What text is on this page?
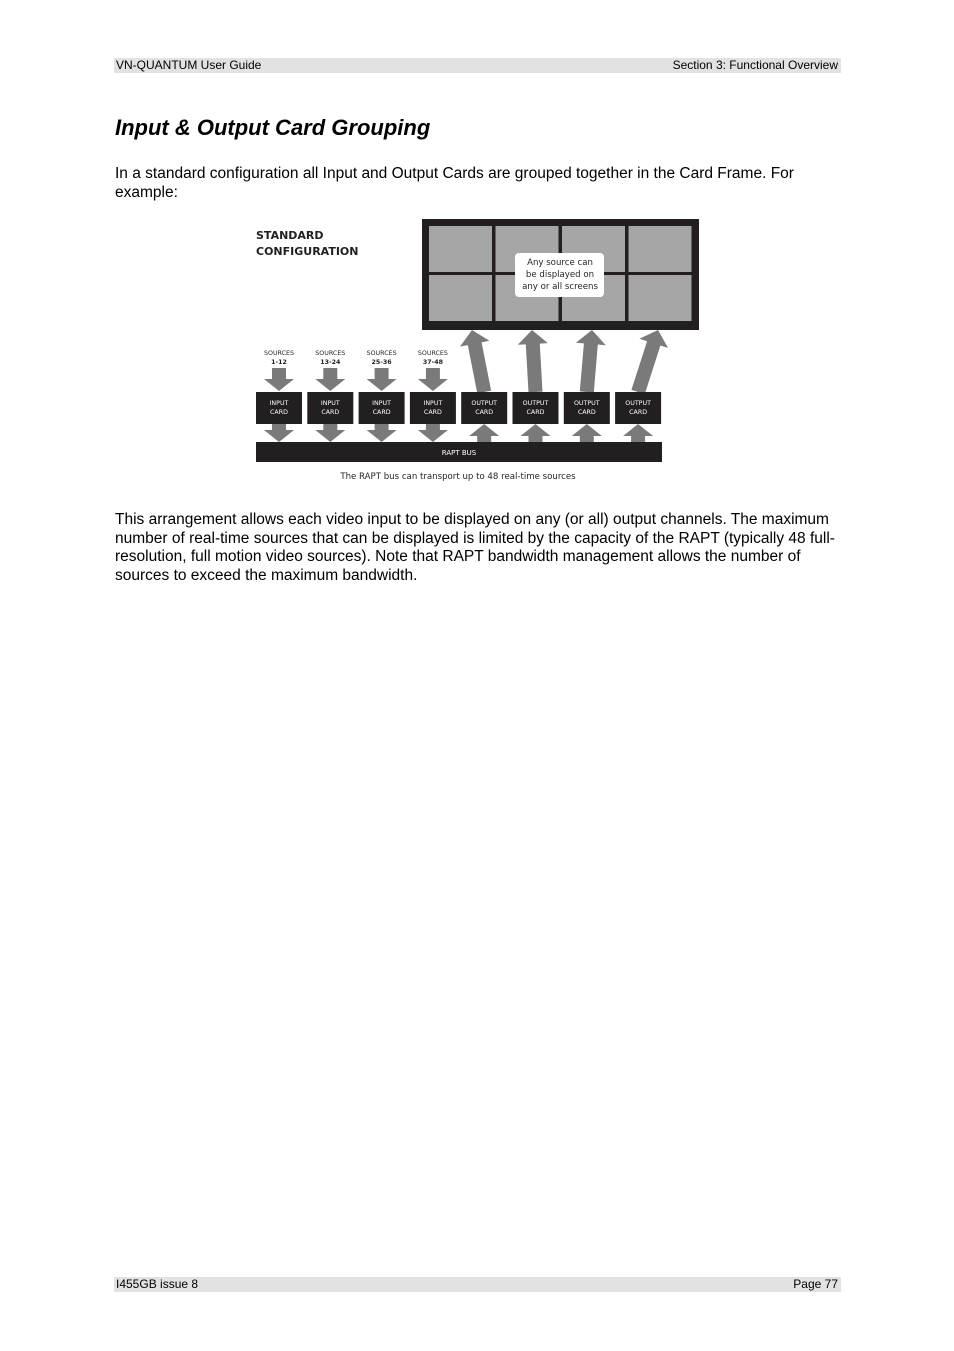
VN-QUANTUM User Guide	Section 3: Functional Overview
Input & Output Card Grouping

In a standard configuration all Input and Output Cards are grouped together in the Card Frame. For example:

STANDARD
CONFIGURATION
Any source can
be displayed on
any or all screens
SOURCES
1-12
SOURCES
13-24
SOURCES
25-36
SOURCES
37-48
INPUT
CARD
INPUT
CARD
INPUT
CARD
INPUT
CARD
OUTPUT
CARD
OUTPUT
CARD
OUTPUT
CARD
OUTPUT
CARD
RAPT BUS
The RAPT bus can transport up to 48 real-time sources

This arrangement allows each video input to be displayed on any (or all) output channels. The maximum number of real-time sources that can be displayed is limited by the capacity of the RAPT (typically 48 full-resolution, full motion video sources). Note that RAPT bandwidth management allows the number of sources to exceed the maximum bandwidth.

I455GB issue 8	Page 77
